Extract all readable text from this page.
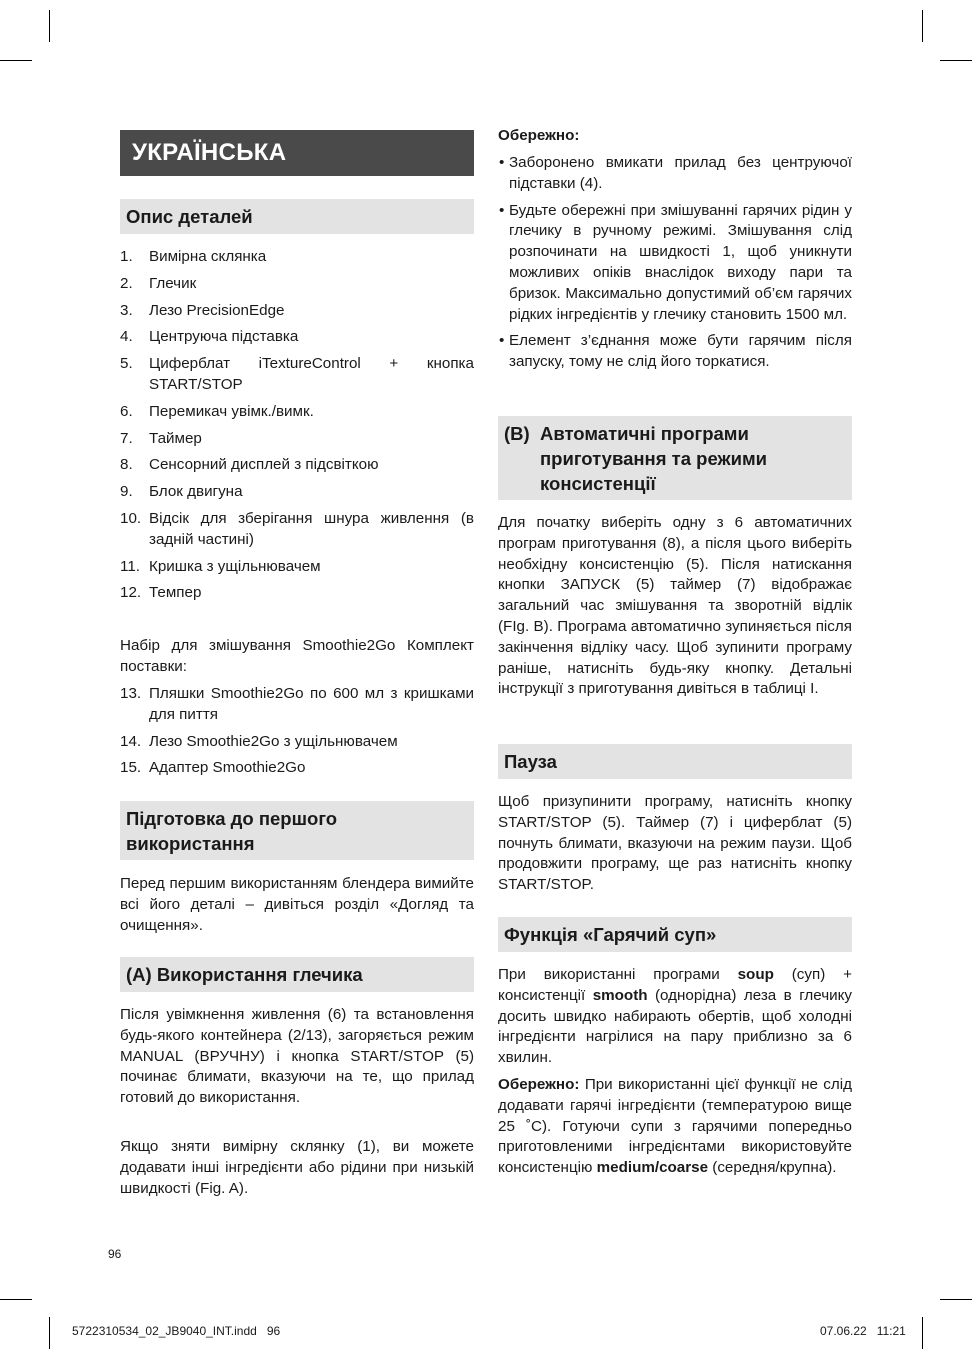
УКРАЇНСЬКА
Опис деталей
1. Вимірна склянка
2. Глечик
3. Лезо PrecisionEdge
4. Центруюча підставка
5. Циферблат iTextureControl + кнопка START/STOP
6. Перемикач увімк./вимк.
7. Таймер
8. Сенсорний дисплей з підсвіткою
9. Блок двигуна
10. Відсік для зберігання шнура живлення (в задній частині)
11. Кришка з ущільнювачем
12. Темпер

Набір для змішування Smoothie2Go Комплект поставки:

13. Пляшки Smoothie2Go по 600 мл з кришками для пиття
14. Лезо Smoothie2Go з ущільнювачем
15. Адаптер Smoothie2Go
Підготовка до першого використання

Перед першим використанням блендера вимийте всі його деталі – дивіться розділ «Догляд та очищення».

(A) Використання глечика

Після увімкнення живлення (6) та встановлення будь-якого контейнера (2/13), загоряється режим MANUAL (ВРУЧНУ) і кнопка START/STOP (5) починає блимати, вказуючи на те, що прилад готовий до використання.

Якщо зняти вимірну склянку (1), ви можете додавати інші інгредієнти або рідини при низькій швидкості (Fig. A).

96
Обережно:
• Заборонено вмикати прилад без центруючої підставки (4).
• Будьте обережні при змішуванні гарячих рідин у глечику в ручному режимі. Змішування слід розпочинати на швидкості 1, щоб уникнути можливих опіків внаслідок виходу пари та бризок. Максимально допустимий об’єм гарячих рідких інгредієнтів у глечику становить 1500 мл.
• Елемент з’єднання може бути гарячим після запуску, тому не слід його торкатися.
(B) Автоматичні програми приготування та режими консистенції

Для початку виберіть одну з 6 автоматичних програм приготування (8), а після цього виберіть необхідну консистенцію (5). Після натискання кнопки ЗАПУСК (5) таймер (7) відображає загальний час змішування та зворотній відлік (FIg. B). Програма автоматично зупиняється після закінчення відліку часу. Щоб зупинити програму раніше, натисніть будь-яку кнопку. Детальні інструкції з приготування дивіться в таблиці I.

Пауза

Щоб призупинити програму, натисніть кнопку START/STOP (5). Таймер (7) і циферблат (5) почнуть блимати, вказуючи на режим паузи. Щоб продовжити програму, ще раз натисніть кнопку START/STOP.

Функція «Гарячий суп»

При використанні програми soup (суп) + консистенції smooth (однорідна) леза в глечику досить швидко набирають обертів, щоб холодні інгредієнти нагрілися на пару приблизно за 6 хвилин.

Обережно: При використанні цієї функції не слід додавати гарячі інгредієнти (температурою вище 25 ˚C). Готуючи супи з гарячими попередньо приготовленими інгредієнтами використовуйте консистенцію medium/coarse (середня/крупна).

5722310534_02_JB9040_INT.indd   96	07.06.22   11:21
